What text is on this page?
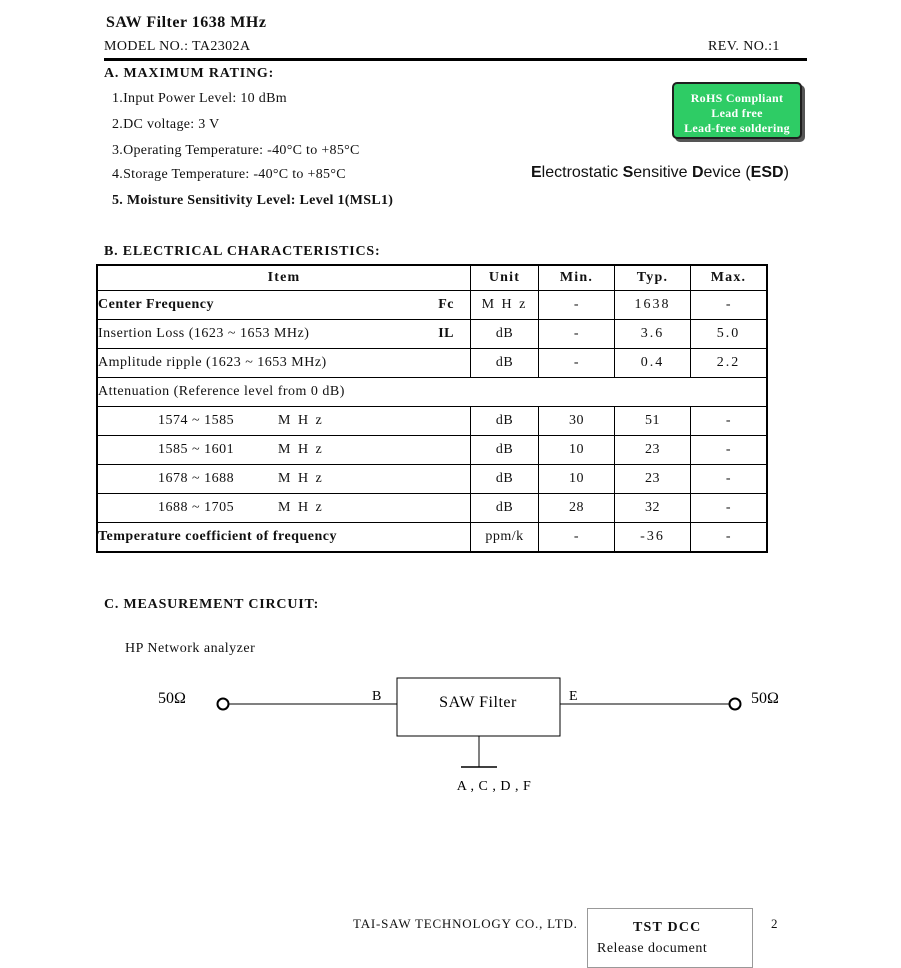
SAW Filter 1638 MHz
MODEL NO.: TA2302A	REV. NO.:1
A. MAXIMUM RATING:
1.Input Power Level: 10 dBm
2.DC voltage: 3 V
3.Operating Temperature: -40°C to +85°C
4.Storage Temperature: -40°C to +85°C
5. Moisture Sensitivity Level: Level 1(MSL1)
RoHS Compliant
Lead free
Lead-free soldering
Electrostatic Sensitive Device (ESD)
B. ELECTRICAL CHARACTERISTICS:
Item	Unit	Min.	Typ.	Max.

Center Frequency Fc	M H z	-	1638	-

Insertion Loss (1623 ~ 1653 MHz) IL	dB	-	3.6	5.0
Amplitude ripple (1623 ~ 1653 MHz)	dB	-	0.4	2.2
Attenuation (Reference level from 0 dB)				
1574 ~ 1585 M H z	dB	30	51	-
1585 ~ 1601 M H z	dB	10	23	-
1678 ~ 1688 M H z	dB	10	23	-
1688 ~ 1705 M H z	dB	28	32	-
Temperature coefficient of frequency	ppm/k	-	-36	-
C. MEASUREMENT CIRCUIT:
HP Network analyzer
50Ω	50Ω
B	E
SAW Filter
A , C , D , F
TAI-SAW TECHNOLOGY CO., LTD.	TST DCC
Release document
2
